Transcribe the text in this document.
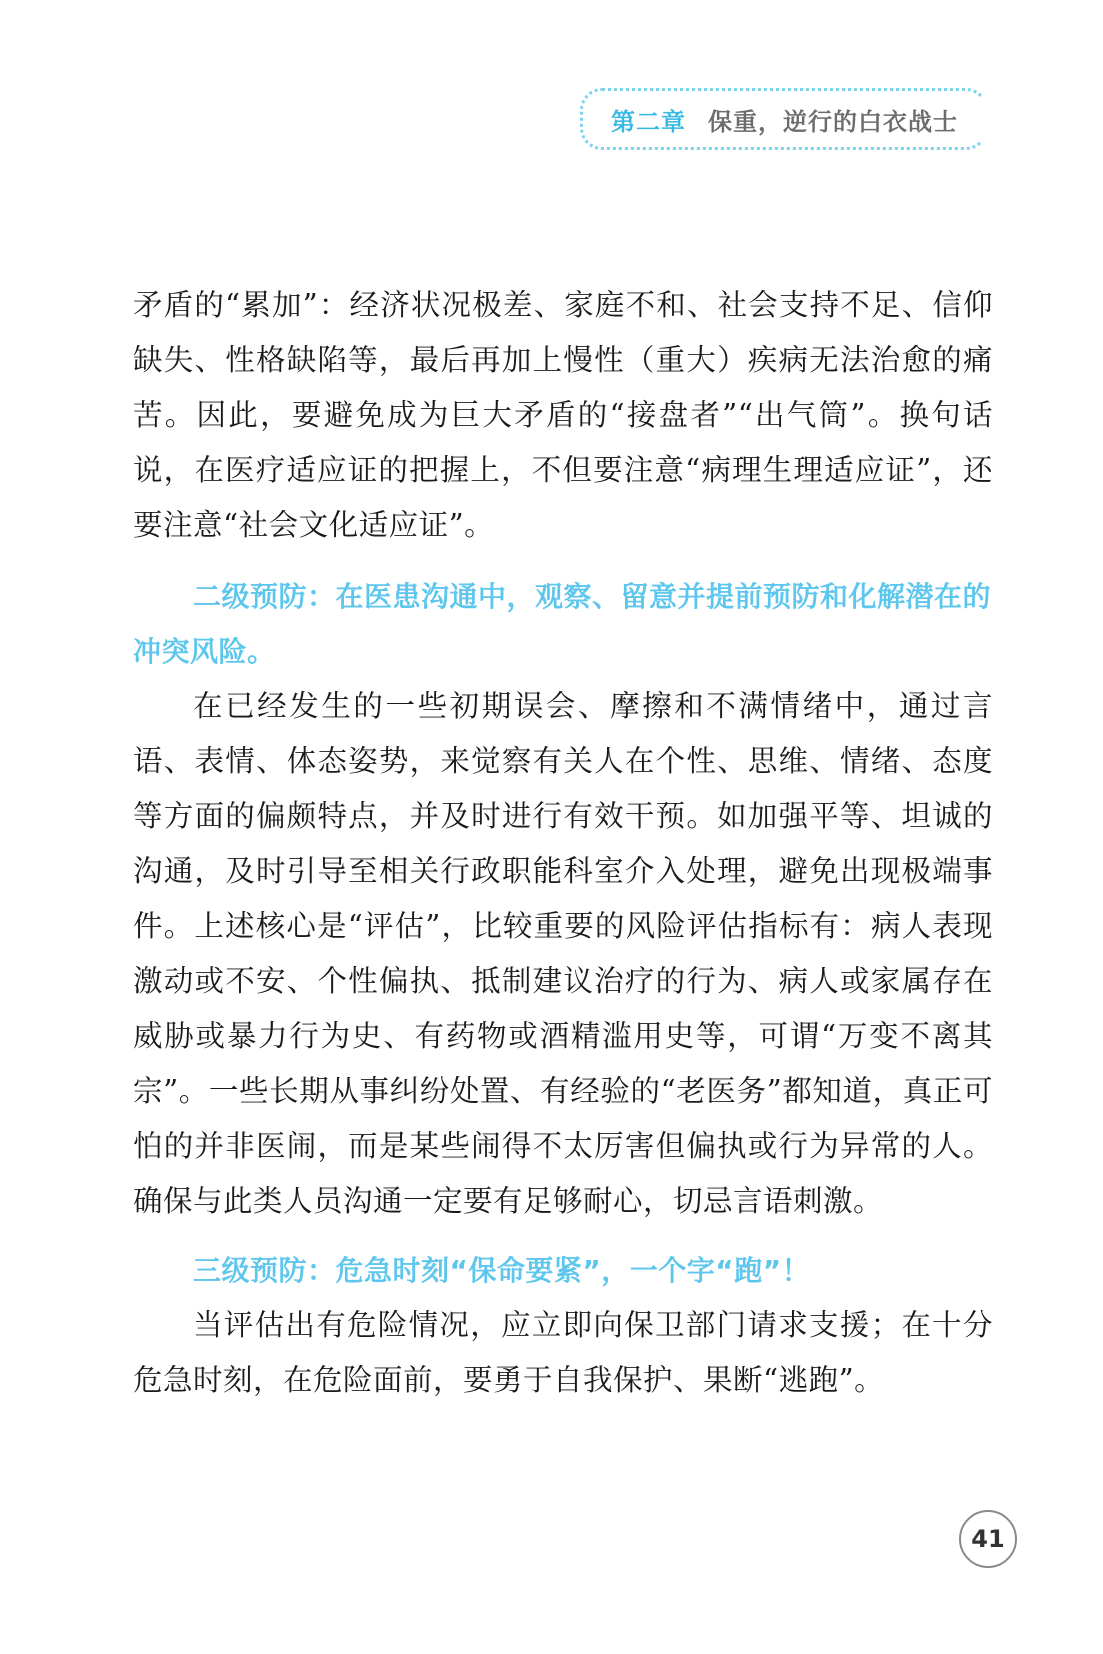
第二章 保重，逆行的白衣战士

矛盾的“累加”：经济状况极差、家庭不和、社会支持不足、信仰缺失、性格缺陷等，最后再加上慢性（重大）疾病无法治愈的痛苦。因此，要避免成为巨大矛盾的“接盘者”“出气筒”。换句话说，在医疗适应证的把握上，不但要注意“病理生理适应证”，还要注意“社会文化适应证”。

二级预防：在医患沟通中，观察、留意并提前预防和化解潜在的冲突风险。

在已经发生的一些初期误会、摩擦和不满情绪中，通过言语、表情、体态姿势，来觉察有关人在个性、思维、情绪、态度等方面的偏颇特点，并及时进行有效干预。如加强平等、坦诚的沟通，及时引导至相关行政职能科室介入处理，避免出现极端事件。上述核心是“评估”，比较重要的风险评估指标有：病人表现激动或不安、个性偏执、抵制建议治疗的行为、病人或家属存在威胁或暴力行为史、有药物或酒精滥用史等，可谓“万变不离其宗”。一些长期从事纠纷处置、有经验的“老医务”都知道，真正可怕的并非医闹，而是某些闹得不太厉害但偏执或行为异常的人。确保与此类人员沟通一定要有足够耐心，切忌言语刺激。

三级预防：危急时刻“保命要紧”，一个字“跑”！

当评估出有危险情况，应立即向保卫部门请求支援；在十分危急时刻，在危险面前，要勇于自我保护、果断“逃跑”。

41
